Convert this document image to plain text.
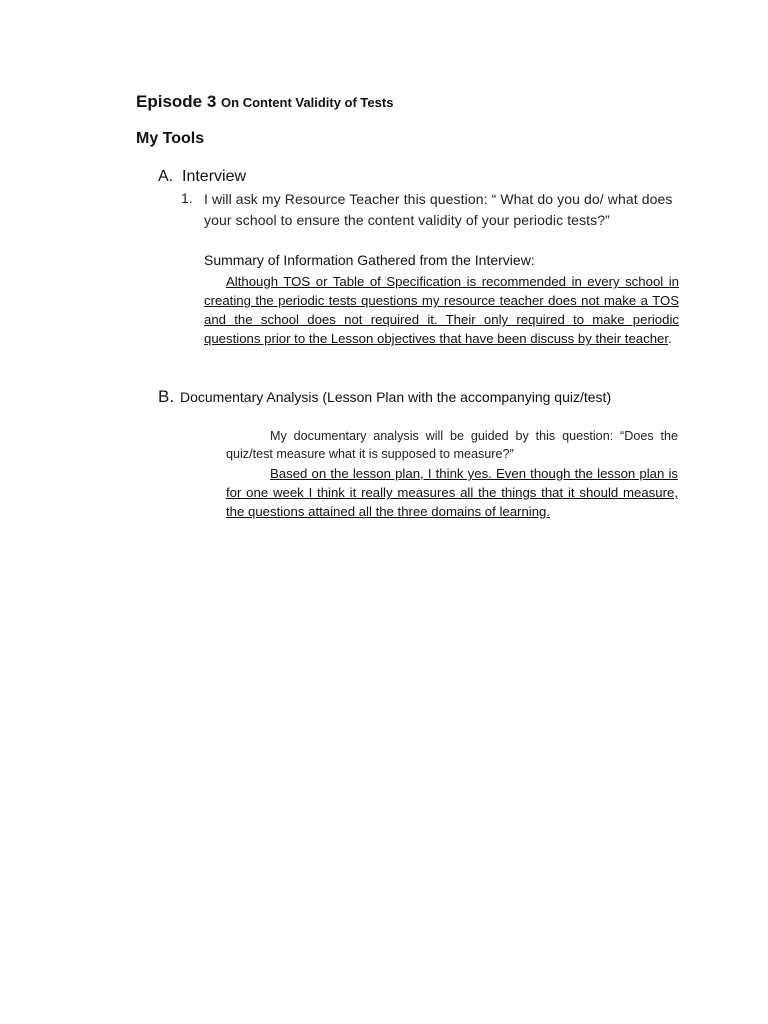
Episode 3 On Content Validity of Tests
My Tools
A. Interview
1. I will ask my Resource Teacher this question: “ What do you do/ what does your school to ensure the content validity of your periodic tests?”
Summary of Information Gathered from the Interview:
Although TOS or Table of Specification is recommended in every school in creating the periodic tests questions my resource teacher does not make a TOS and the school does not required it. Their only required to make periodic questions prior to the Lesson objectives that have been discuss by their teacher.
B. Documentary Analysis (Lesson Plan with the accompanying quiz/test)
My documentary analysis will be guided by this question: “Does the quiz/test measure what it is supposed to measure?”
Based on the lesson plan, I think yes. Even though the lesson plan is for one week I think it really measures all the things that it should measure, the questions attained all the three domains of learning.
